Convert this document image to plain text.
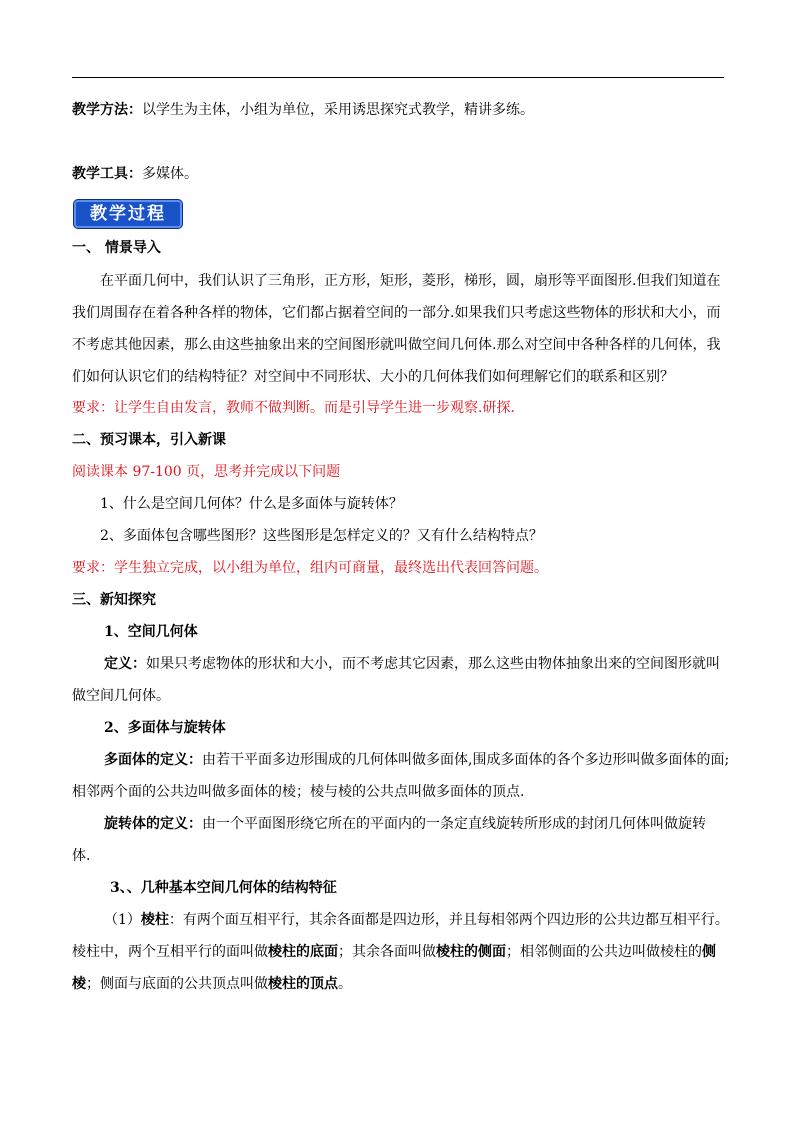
教学方法：以学生为主体，小组为单位，采用诱思探究式教学，精讲多练。
教学工具：多媒体。
教学过程
一、 情景导入
在平面几何中，我们认识了三角形，正方形，矩形，菱形，梯形，圆，扇形等平面图形.但我们知道在
我们周围存在着各种各样的物体，它们都占据着空间的一部分.如果我们只考虑这些物体的形状和大小，而
不考虑其他因素，那么由这些抽象出来的空间图形就叫做空间几何体.那么对空间中各种各样的几何体，我
们如何认识它们的结构特征？对空间中不同形状、大小的几何体我们如何理解它们的联系和区别？
要求：让学生自由发言，教师不做判断。而是引导学生进一步观察.研探.
二、预习课本，引入新课
阅读课本 97-100 页，思考并完成以下问题
1、什么是空间几何体？什么是多面体与旋转体？
2、多面体包含哪些图形？这些图形是怎样定义的？又有什么结构特点？
要求：学生独立完成，以小组为单位，组内可商量，最终选出代表回答问题。
三、新知探究
1、空间几何体
定义：如果只考虑物体的形状和大小，而不考虑其它因素，那么这些由物体抽象出来的空间图形就叫
做空间几何体。
2、多面体与旋转体
多面体的定义：由若干平面多边形围成的几何体叫做多面体,围成多面体的各个多边形叫做多面体的面;
相邻两个面的公共边叫做多面体的棱；棱与棱的公共点叫做多面体的顶点.
旋转体的定义：由一个平面图形绕它所在的平面内的一条定直线旋转所形成的封闭几何体叫做旋转
体.
3、、几种基本空间几何体的结构特征
（1）棱柱：有两个面互相平行，其余各面都是四边形，并且每相邻两个四边形的公共边都互相平行。
棱柱中，两个互相平行的面叫做棱柱的底面；其余各面叫做棱柱的侧面；相邻侧面的公共边叫做棱柱的侧
棱；侧面与底面的公共顶点叫做棱柱的顶点。
